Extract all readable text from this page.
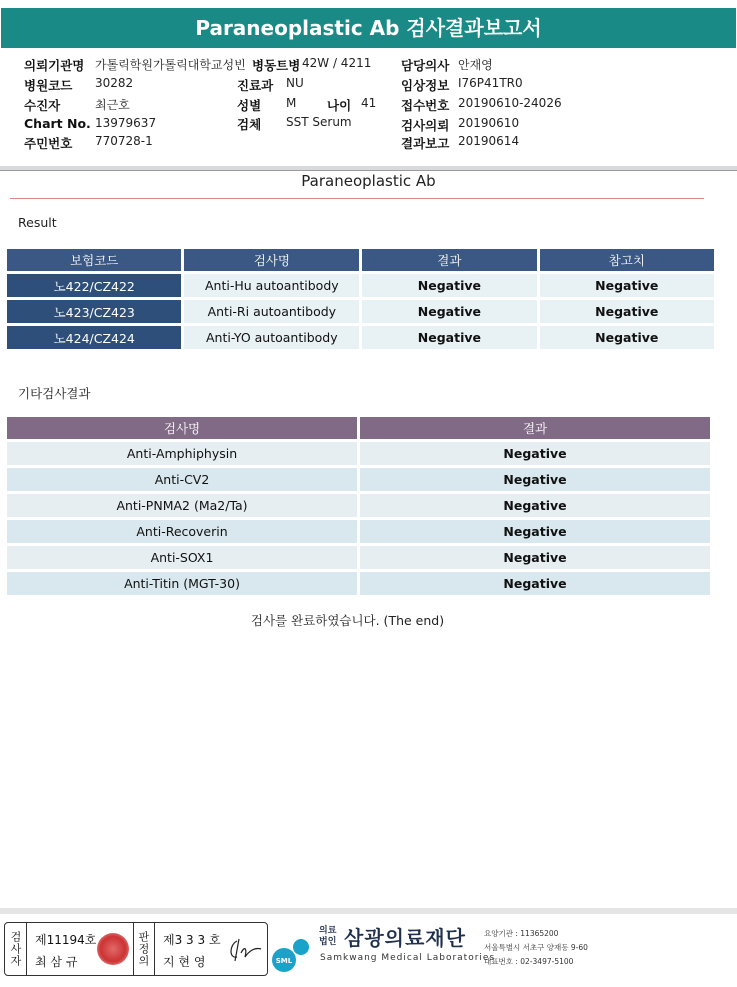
Paraneoplastic Ab 검사결과보고서
의뢰기관명 가톨릭학원가톨릭대학교성빈 병동트병 42W / 4211 담당의사 안재영
병원코드 30282	진료과 NU	임상정보 I76P41TR0
수진자	최근호	성별 M 나이 41 접수번호 20190610-24026
Chart No. 13979637	검체 SST Serum	검사의뢰 20190610
주민번호 770728-1	결과보고 20190614
Paraneoplastic Ab
Result
보험코드	검사명	결과	참고치
노422/CZ422	Anti-Hu autoantibody	Negative	Negative
노423/CZ423	Anti-Ri autoantibody	Negative	Negative
노424/CZ424	Anti-YO autoantibody	Negative	Negative
기타검사결과
검사명	결과
Anti-Amphiphysin	Negative
Anti-CV2	Negative
Anti-PNMA2 (Ma2/Ta)	Negative
Anti-Recoverin	Negative
Anti-SOX1	Negative
Anti-Titin (MGT-30)	Negative
검사를 완료하였습니다. (The end)
검사자	제11194호
최 삼 규	판정의	제3 3 3 호
지 현 영	SML
의료
법인 삼광의료재단
Samkwang Medical Laboratories
요양기관 : 11365200
서울특별시 서초구 양재동 9-60
대표번호 : 02-3497-5100
